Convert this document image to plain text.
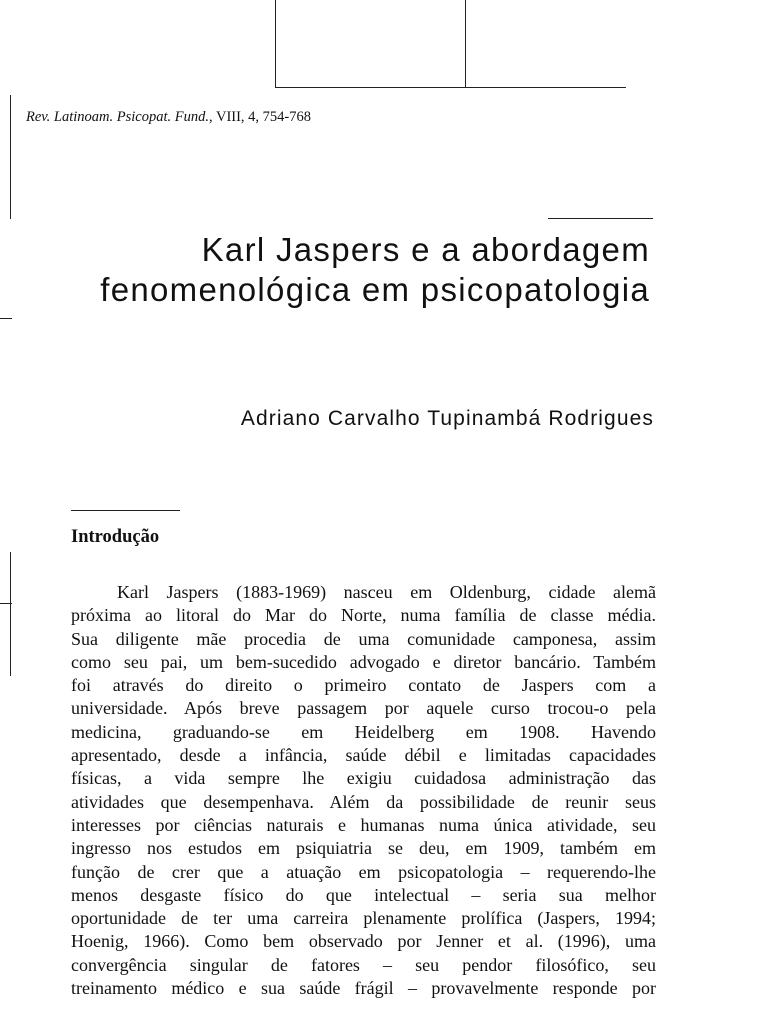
Rev. Latinoam. Psicopat. Fund., VIII, 4, 754-768
Karl Jaspers e a abordagem
fenomenológica em psicopatologia
Adriano Carvalho Tupinambá Rodrigues
Introdução
Karl Jaspers (1883-1969) nasceu em Oldenburg, cidade alemã
próxima ao litoral do Mar do Norte, numa família de classe média.
Sua diligente mãe procedia de uma comunidade camponesa, assim
como seu pai, um bem-sucedido advogado e diretor bancário. Também
foi através do direito o primeiro contato de Jaspers com a
universidade. Após breve passagem por aquele curso trocou-o pela
medicina, graduando-se em Heidelberg em 1908. Havendo
apresentado, desde a infância, saúde débil e limitadas capacidades
físicas, a vida sempre lhe exigiu cuidadosa administração das
atividades que desempenhava. Além da possibilidade de reunir seus
interesses por ciências naturais e humanas numa única atividade, seu
ingresso nos estudos em psiquiatria se deu, em 1909, também em
função de crer que a atuação em psicopatologia – requerendo-lhe
menos desgaste físico do que intelectual – seria sua melhor
oportunidade de ter uma carreira plenamente prolífica (Jaspers, 1994;
Hoenig, 1966). Como bem observado por Jenner et al. (1996), uma
convergência singular de fatores – seu pendor filosófico, seu
treinamento médico e sua saúde frágil – provavelmente responde por
